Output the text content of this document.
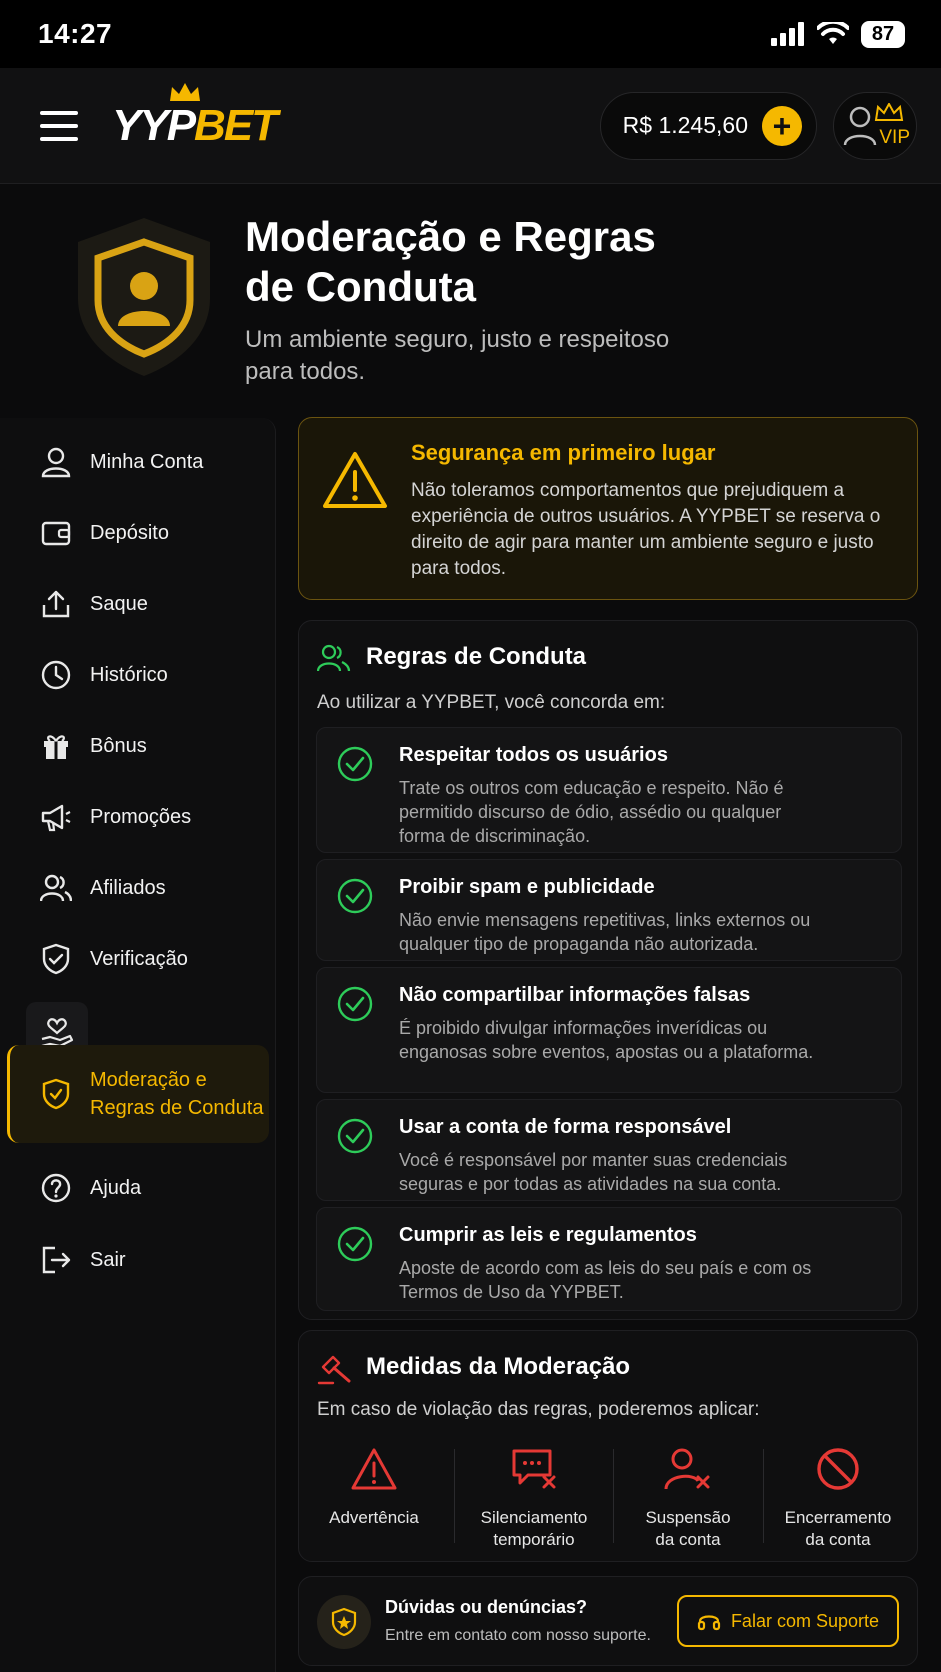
14:27	87
YYPBET	R$ 1.245,60 +	VIP
Moderação e Regras
de Conduta
Um ambiente seguro, justo e respeitoso
para todos.
Minha Conta
Depósito
Saque
Histórico
Bônus
Promoções
Afiliados
Verificação
Moderação e
Regras de Conduta
Ajuda
Sair
Segurança em primeiro lugar
Não toleramos comportamentos que prejudiquem a experiência de outros usuários. A YYPBET se reserva o direito de agir para manter um ambiente seguro e justo para todos.
Regras de Conduta
Ao utilizar a YYPBET, você concorda em:
Respeitar todos os usuários
Trate os outros com educação e respeito. Não é permitido discurso de ódio, assédio ou qualquer forma de discriminação.
Proibir spam e publicidade
Não envie mensagens repetitivas, links externos ou qualquer tipo de propaganda não autorizada.
Não compartilbar informações falsas
É proibido divulgar informações inverídicas ou enganosas sobre eventos, apostas ou a plataforma.
Usar a conta de forma responsável
Você é responsável por manter suas credenciais seguras e por todas as atividades na sua conta.
Cumprir as leis e regulamentos
Aposte de acordo com as leis do seu país e com os Termos de Uso da YYPBET.
Medidas da Moderação
Em caso de violação das regras, poderemos aplicar:
Advertência	Silenciamento
temporário
Suspensão
da conta
Encerramento
da conta
Dúvidas ou denúncias?
Entre em contato com nosso suporte.
Falar com Suporte
